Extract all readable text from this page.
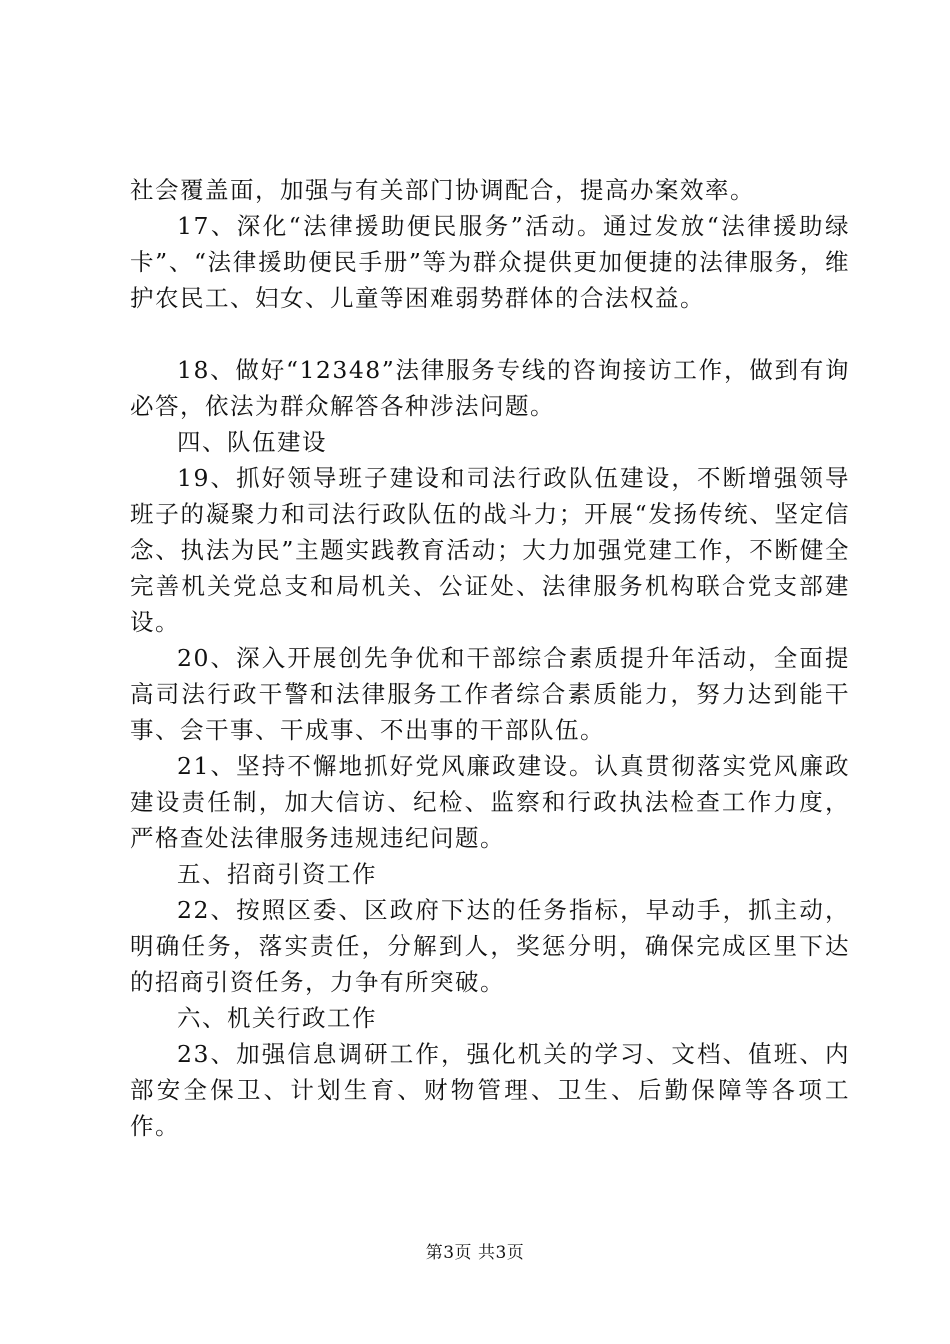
社会覆盖面，加强与有关部门协调配合，提高办案效率。

17、深化“法律援助便民服务”活动。通过发放“法律援助绿卡”、“法律援助便民手册”等为群众提供更加便捷的法律服务，维护农民工、妇女、儿童等困难弱势群体的合法权益。

18、做好“12348”法律服务专线的咨询接访工作，做到有询必答，依法为群众解答各种涉法问题。

四、队伍建设

19、抓好领导班子建设和司法行政队伍建设，不断增强领导班子的凝聚力和司法行政队伍的战斗力；开展“发扬传统、坚定信念、执法为民”主题实践教育活动；大力加强党建工作，不断健全完善机关党总支和局机关、公证处、法律服务机构联合党支部建设。

20、深入开展创先争优和干部综合素质提升年活动，全面提高司法行政干警和法律服务工作者综合素质能力，努力达到能干事、会干事、干成事、不出事的干部队伍。

21、坚持不懈地抓好党风廉政建设。认真贯彻落实党风廉政建设责任制，加大信访、纪检、监察和行政执法检查工作力度，严格查处法律服务违规违纪问题。

五、招商引资工作

22、按照区委、区政府下达的任务指标，早动手，抓主动，明确任务，落实责任，分解到人，奖惩分明，确保完成区里下达的招商引资任务，力争有所突破。

六、机关行政工作

23、加强信息调研工作，强化机关的学习、文档、值班、内部安全保卫、计划生育、财物管理、卫生、后勤保障等各项工作。

第3页 共3页
